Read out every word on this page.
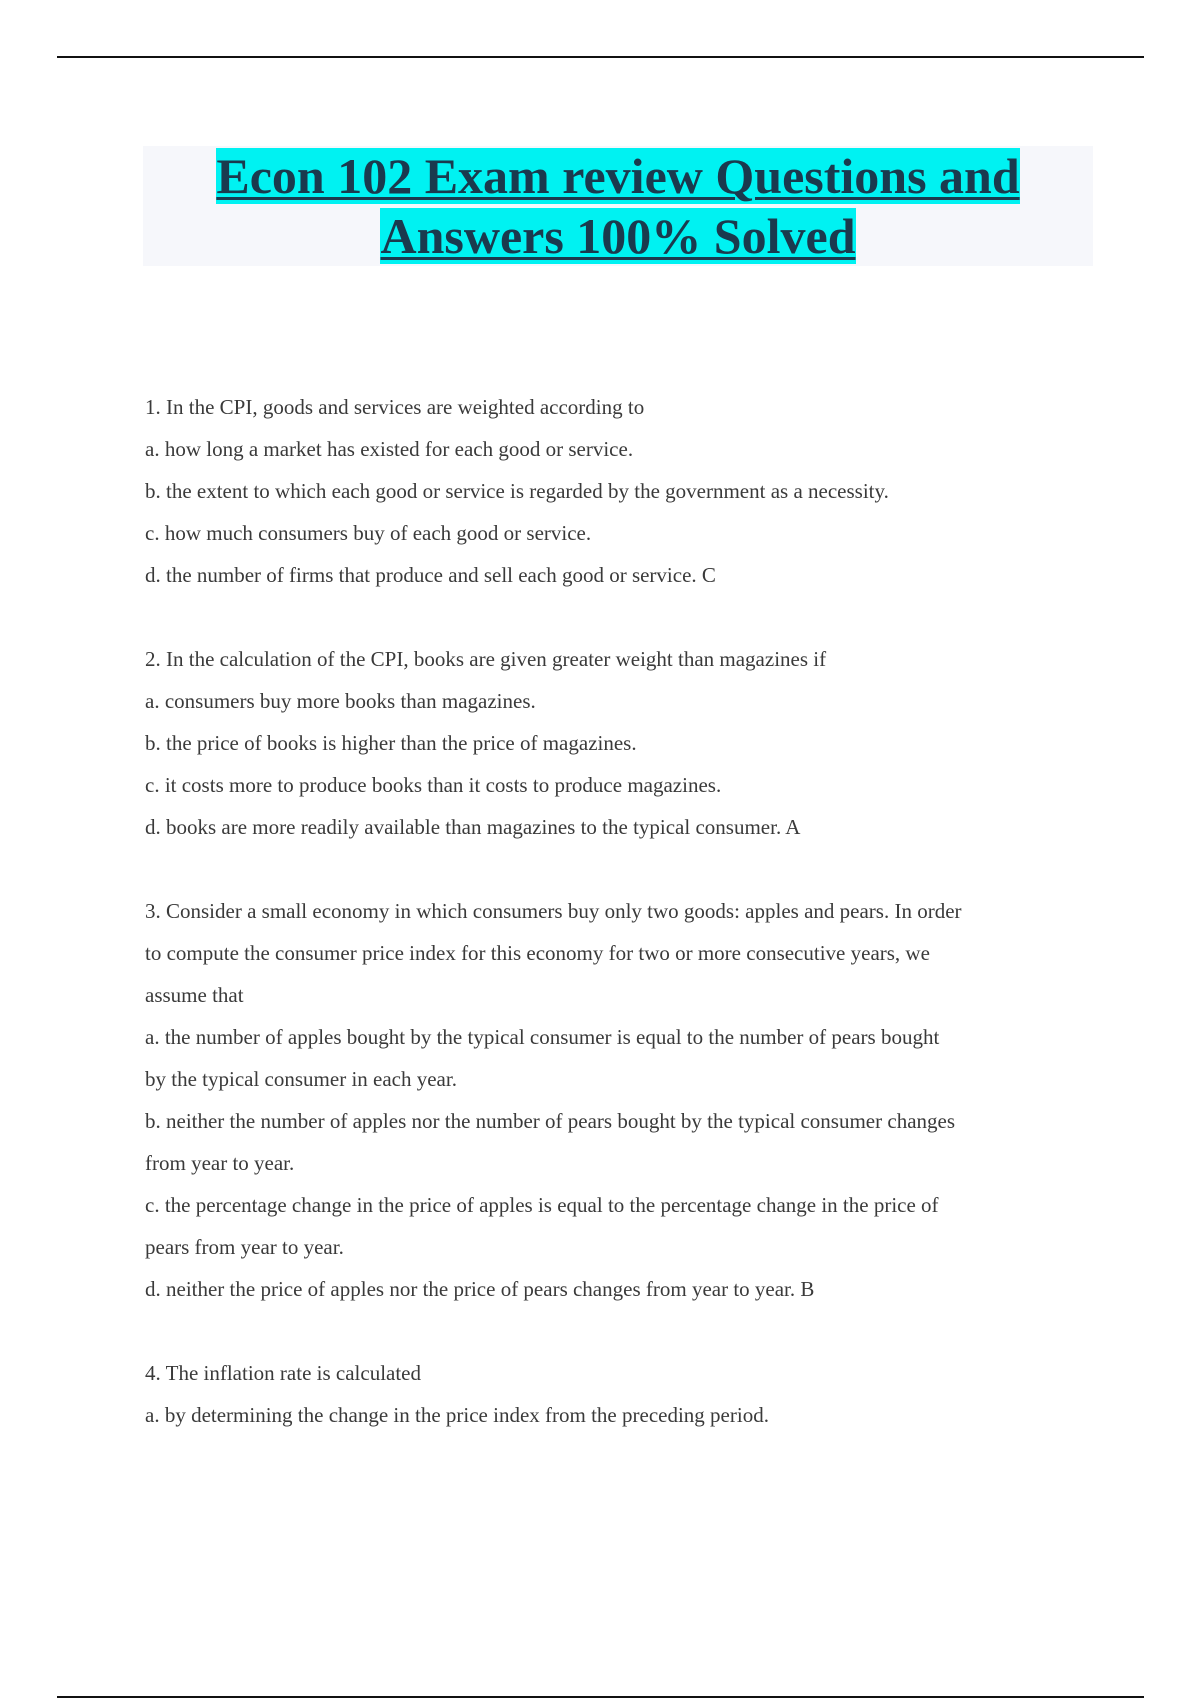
Econ 102 Exam review Questions and
Answers 100% Solved
1. In the CPI, goods and services are weighted according to
a. how long a market has existed for each good or service.
b. the extent to which each good or service is regarded by the government as a necessity.
c. how much consumers buy of each good or service.
d. the number of firms that produce and sell each good or service. C
2. In the calculation of the CPI, books are given greater weight than magazines if
a. consumers buy more books than magazines.
b. the price of books is higher than the price of magazines.
c. it costs more to produce books than it costs to produce magazines.
d. books are more readily available than magazines to the typical consumer. A
3. Consider a small economy in which consumers buy only two goods: apples and pears. In order
to compute the consumer price index for this economy for two or more consecutive years, we
assume that
a. the number of apples bought by the typical consumer is equal to the number of pears bought
by the typical consumer in each year.
b. neither the number of apples nor the number of pears bought by the typical consumer changes
from year to year.
c. the percentage change in the price of apples is equal to the percentage change in the price of
pears from year to year.
d. neither the price of apples nor the price of pears changes from year to year. B
4. The inflation rate is calculated
a. by determining the change in the price index from the preceding period.
